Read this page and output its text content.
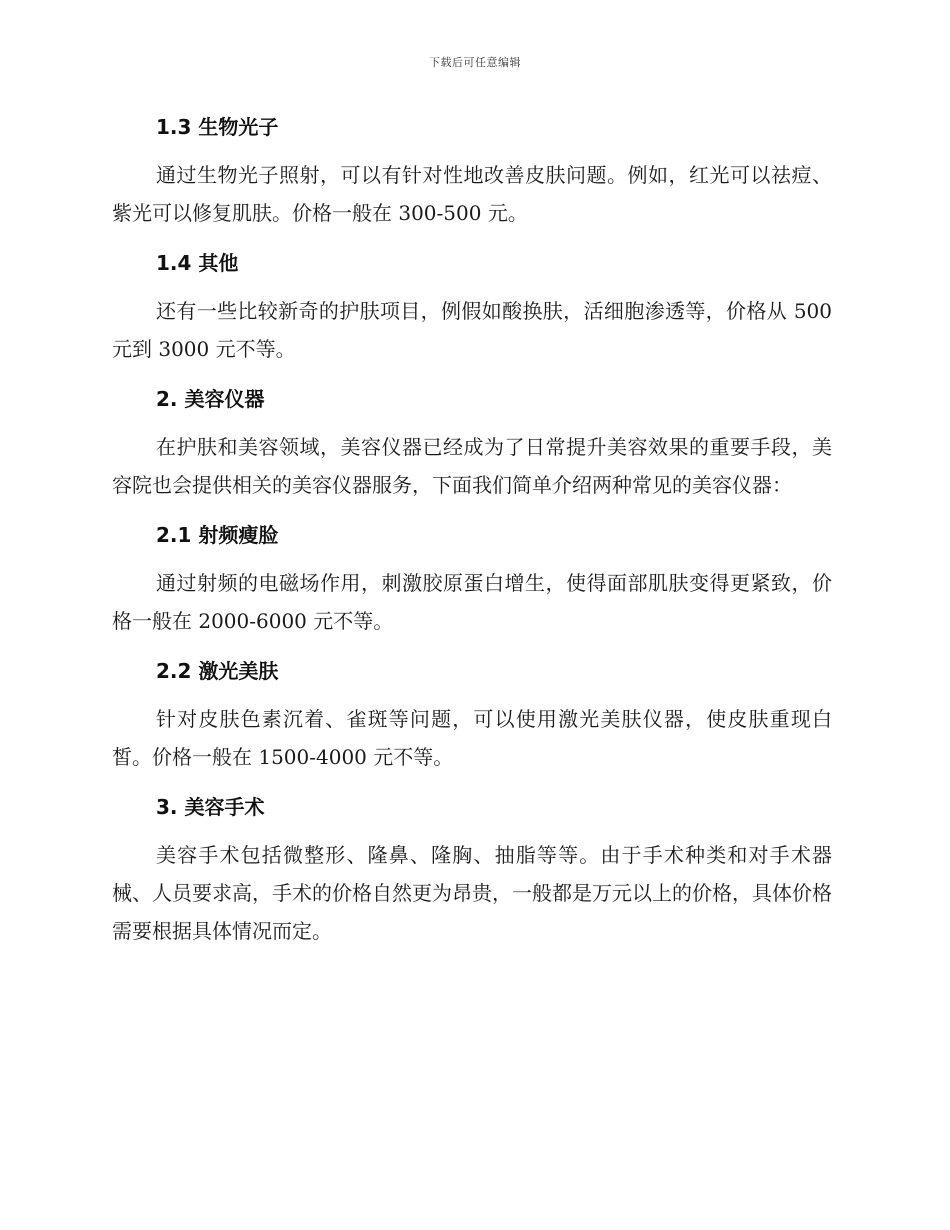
下载后可任意编辑
1.3 生物光子

通过生物光子照射，可以有针对性地改善皮肤问题。例如，红光可以祛痘、紫光可以修复肌肤。价格一般在 300-500 元。

1.4 其他

还有一些比较新奇的护肤项目，例假如酸换肤，活细胞渗透等，价格从 500 元到 3000 元不等。

2. 美容仪器

在护肤和美容领域，美容仪器已经成为了日常提升美容效果的重要手段，美容院也会提供相关的美容仪器服务，下面我们简单介绍两种常见的美容仪器：

2.1 射频瘦脸

通过射频的电磁场作用，刺激胶原蛋白增生，使得面部肌肤变得更紧致，价格一般在 2000-6000 元不等。

2.2 激光美肤

针对皮肤色素沉着、雀斑等问题，可以使用激光美肤仪器，使皮肤重现白皙。价格一般在 1500-4000 元不等。

3. 美容手术

美容手术包括微整形、隆鼻、隆胸、抽脂等等。由于手术种类和对手术器械、人员要求高，手术的价格自然更为昂贵，一般都是万元以上的价格，具体价格需要根据具体情况而定。
